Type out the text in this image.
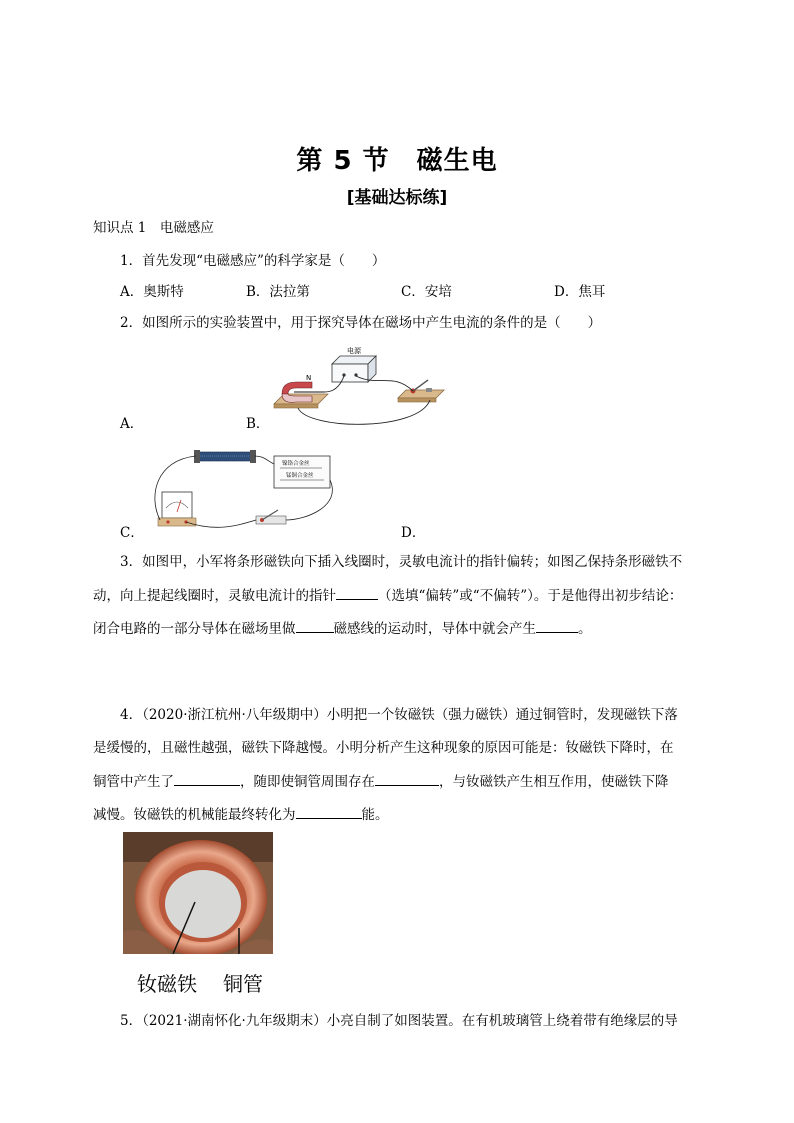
第 5 节　磁生电
[基础达标练]
知识点 1　电磁感应
1．首先发现“电磁感应”的科学家是（　　）
A．奥斯特	B．法拉第	C．安培	D．焦耳
2．如图所示的实验装置中，用于探究导体在磁场中产生电流的条件的是（　　）
A．	B．
C．	D．
电源
N
镍铬合金丝
锰铜合金丝
3．如图甲，小军将条形磁铁向下插入线圈时，灵敏电流计的指针偏转；如图乙保持条形磁铁不
动，向上提起线圈时，灵敏电流计的指针	（选填“偏转”或“不偏转”）。于是他得出初步结论：
闭合电路的一部分导体在磁场里做	磁感线的运动时，导体中就会产生	。
4．（2020·浙江杭州·八年级期中）小明把一个钕磁铁（强力磁铁）通过铜管时，发现磁铁下落
是缓慢的，且磁性越强，磁铁下降越慢。小明分析产生这种现象的原因可能是：钕磁铁下降时，在
铜管中产生了	，随即使铜管周围存在	，与钕磁铁产生相互作用，使磁铁下降
减慢。钕磁铁的机械能最终转化为	能。
钕磁铁 铜管
5．（2021·湖南怀化·九年级期末）小亮自制了如图装置。在有机玻璃管上绕着带有绝缘层的导
